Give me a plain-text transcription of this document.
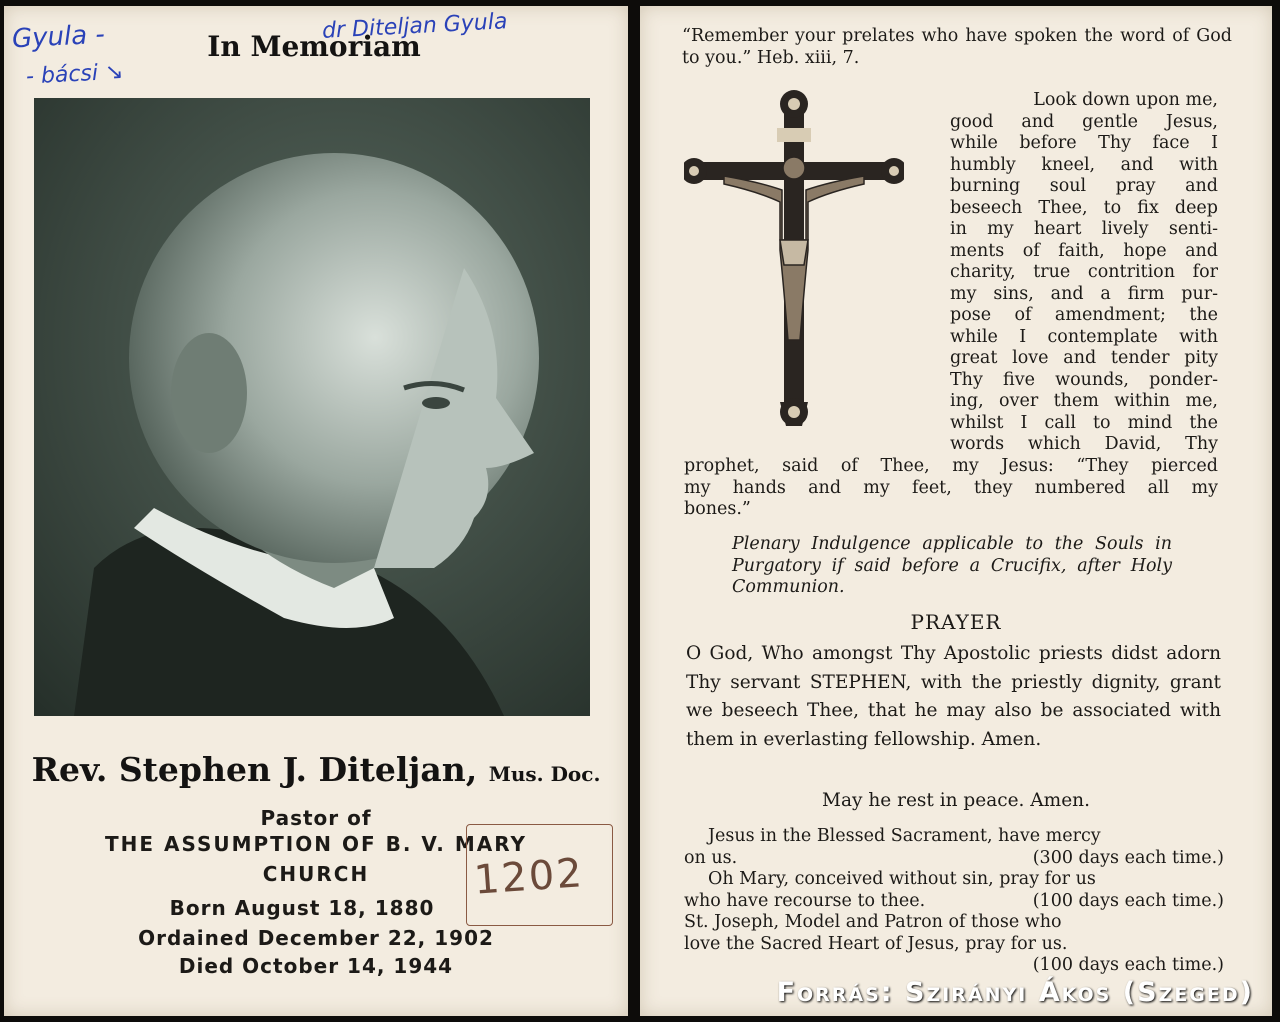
Gyula -
- bácsi ↘
dr Diteljan Gyula
In Memoriam
Rev. Stephen J. Diteljan, Mus. Doc.
Pastor of
THE ASSUMPTION OF B. V. MARY
CHURCH
Born August 18, 1880
Ordained December 22, 1902
Died October 14, 1944
1202
“Remember your prelates who have spoken the word of God to you.” Heb. xiii, 7.
Look down upon me,
good and gentle Jesus,
while before Thy face I
humbly kneel, and with
burning soul pray and
beseech Thee, to fix deep
in my heart lively senti-
ments of faith, hope and
charity, true contrition for
my sins, and a firm pur-
pose of amendment; the
while I contemplate with
great love and tender pity
Thy five wounds, ponder-
ing, over them within me,
whilst I call to mind the
words which David, Thy
prophet, said of Thee, my Jesus: “They pierced
my hands and my feet, they numbered all my
bones.”
Plenary Indulgence applicable to the Souls in Purgatory if said before a Crucifix, after Holy Communion.
PRAYER
O God, Who amongst Thy Apostolic priests didst adorn Thy servant STEPHEN, with the priestly dignity, grant we beseech Thee, that he may also be associated with them in everlasting fellowship. Amen.
May he rest in peace. Amen.
Jesus in the Blessed Sacrament, have mercy
on us.	(300 days each time.)
Oh Mary, conceived without sin, pray for us
who have recourse to thee.	(100 days each time.)
St. Joseph, Model and Patron of those who
love the Sacred Heart of Jesus, pray for us.
(100 days each time.)
Forrás: Szirányi Ákos (Szeged)
